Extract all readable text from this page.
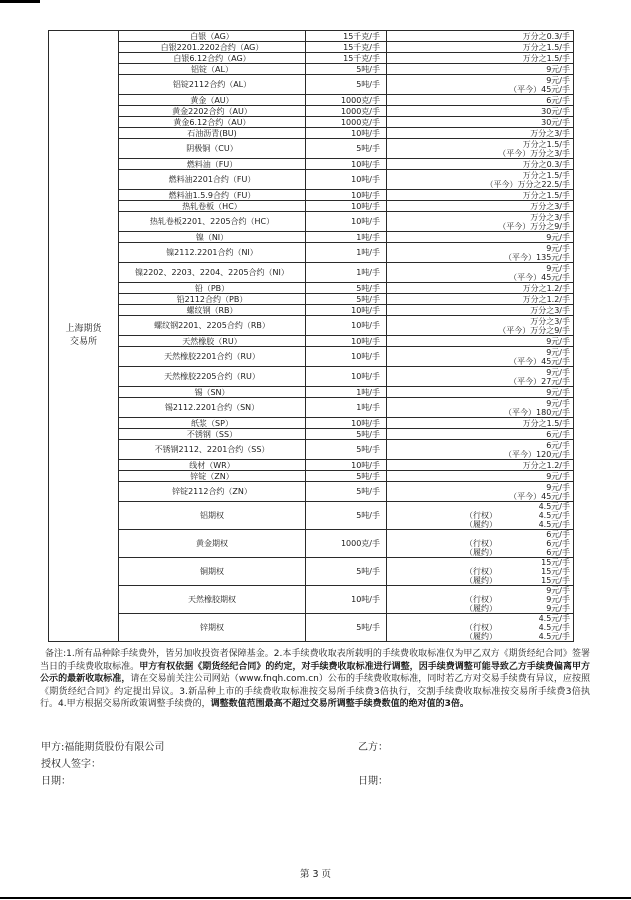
上海期货
交易所	白银（AG）	15千克/手	万分之0.3/手

	白银2201.2202合约（AG）	15千克/手	万分之1.5/手

	白银6.12合约（AG）	15千克/手	万分之1.5/手

	铝锭（AL）	5吨/手	9元/手

	铝锭2112合约（AL）	5吨/手	9元/手
（平今）45元/手

	黄金（AU）	1000克/手	6元/手

	黄金2202合约（AU）	1000克/手	30元/手

	黄金6.12合约（AU）	1000克/手	30元/手

	石油沥青(BU)	10吨/手	万分之3/手

	阴极铜（CU）	5吨/手	万分之1.5/手
（平今）万分之3/手

	燃料油（FU）	10吨/手	万分之0.3/手

	燃料油2201合约（FU）	10吨/手	万分之1.5/手
（平今）万分之22.5/手

	燃料油1.5.9合约（FU）	10吨/手	万分之1.5/手

	热轧卷板（HC）	10吨/手	万分之3/手

	热轧卷板2201、2205合约（HC）	10吨/手	万分之3/手
（平今）万分之9/手

	镍（NI）	1吨/手	9元/手

	镍2112.2201合约（NI）	1吨/手	9元/手
（平今）135元/手

	镍2202、2203、2204、2205合约（NI）	1吨/手	9元/手
（平今）45元/手

	铅（PB）	5吨/手	万分之1.2/手

	铅2112合约（PB）	5吨/手	万分之1.2/手

	螺纹钢（RB）	10吨/手	万分之3/手

	螺纹钢2201、2205合约（RB）	10吨/手	万分之3/手
（平今）万分之9/手

	天然橡胶（RU）	10吨/手	9元/手

	天然橡胶2201合约（RU）	10吨/手	9元/手
（平今）45元/手

	天然橡胶2205合约（RU）	10吨/手	9元/手
（平今）27元/手

	锡（SN）	1吨/手	9元/手

	锡2112.2201合约（SN）	1吨/手	9元/手
（平今）180元/手

	纸浆（SP）	10吨/手	万分之1.5/手

	不锈钢（SS）	5吨/手	6元/手

	不锈钢2112、2201合约（SS）	5吨/手	6元/手
（平今）120元/手

	线材（WR）	10吨/手	万分之1.2/手

	锌锭（ZN）	5吨/手	9元/手

	锌锭2112合约（ZN）	5吨/手	9元/手
（平今）45元/手

	铝期权	5吨/手	4.5元/手
（行权） 4.5元/手
（履约） 4.5元/手

	黄金期权	1000克/手	6元/手
（行权） 6元/手
（履约） 6元/手

	铜期权	5吨/手	15元/手
（行权） 15元/手
（履约） 15元/手

	天然橡胶期权	10吨/手	9元/手
（行权） 9元/手
（履约） 9元/手

	锌期权	5吨/手	4.5元/手
（行权） 4.5元/手
（履约） 4.5元/手
备注:1.所有品种除手续费外，皆另加收投资者保障基金。2.本手续费收取表所载明的手续费收取标准仅为甲乙双方《期货经纪合同》签署当日的手续费收取标准。甲方有权依据《期货经纪合同》的约定，对手续费收取标准进行调整，因手续费调整可能导致乙方手续费偏离甲方公示的最新收取标准，请在交易前关注公司网站（www.fnqh.com.cn）公布的手续费收取标准，同时若乙方对交易手续费有异议，应按照《期货经纪合同》约定提出异议。3.新品种上市的手续费收取标准按交易所手续费3倍执行，交割手续费收取标准按交易所手续费3倍执行。4.甲方根据交易所政策调整手续费的，调整数值范围最高不超过交易所调整手续费数值的绝对值的3倍。
甲方:福能期货股份有限公司	乙方：
授权人签字：
日期：	日期：
第 3 页
